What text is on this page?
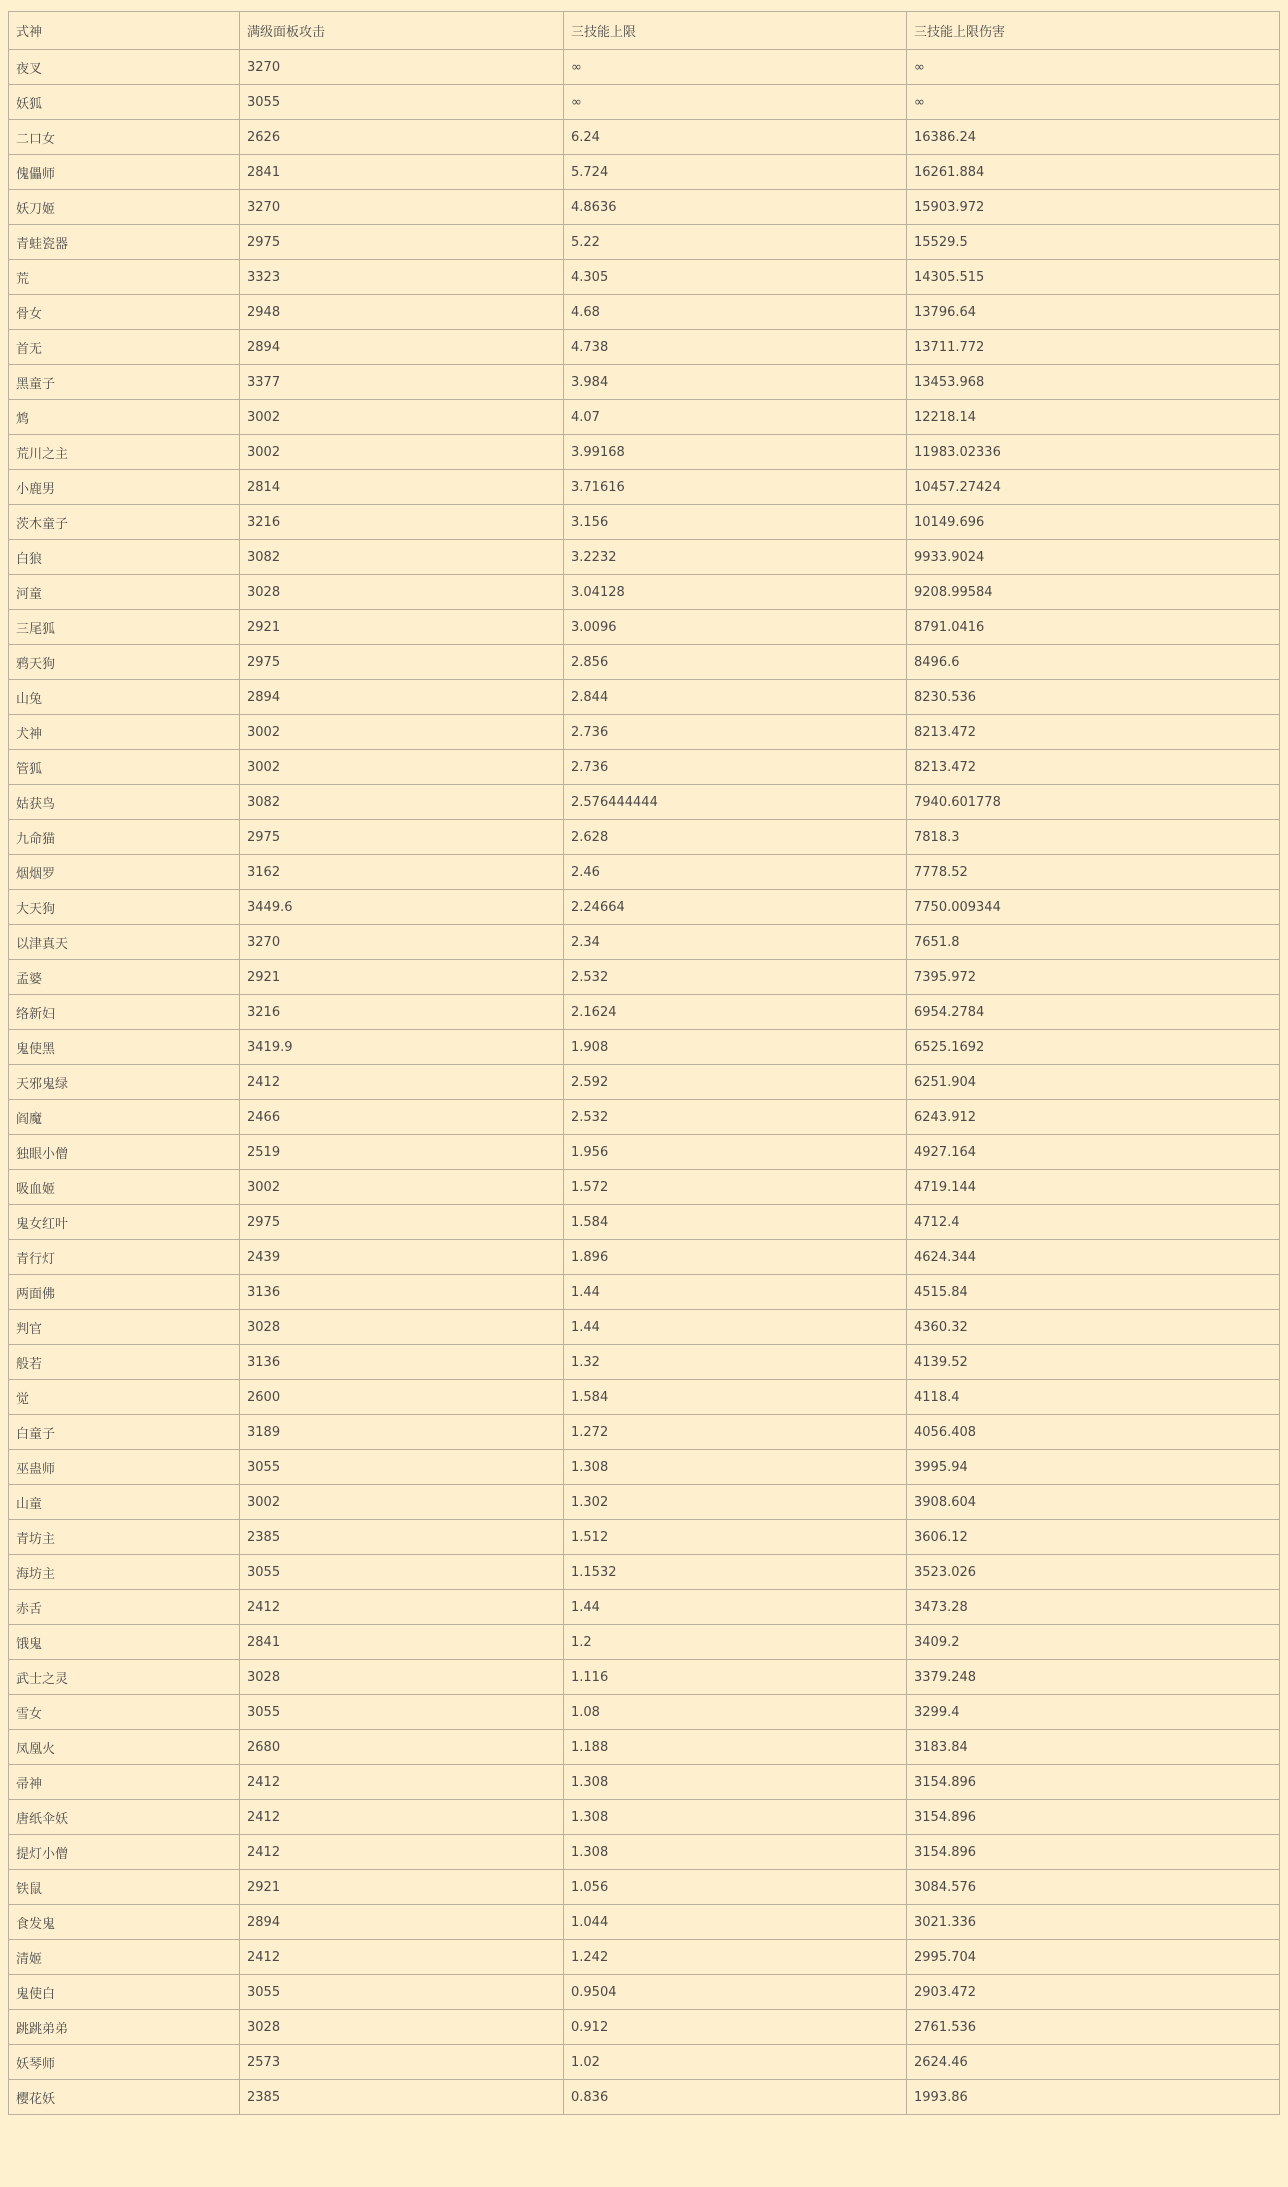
式神	满级面板攻击	三技能上限	三技能上限伤害
夜叉	3270	∞	∞
妖狐	3055	∞	∞
二口女	2626	6.24	16386.24
傀儡师	2841	5.724	16261.884
妖刀姬	3270	4.8636	15903.972
青蛙瓷器	2975	5.22	15529.5
荒	3323	4.305	14305.515
骨女	2948	4.68	13796.64
首无	2894	4.738	13711.772
黑童子	3377	3.984	13453.968
鸩	3002	4.07	12218.14
荒川之主	3002	3.99168	11983.02336
小鹿男	2814	3.71616	10457.27424
茨木童子	3216	3.156	10149.696
白狼	3082	3.2232	9933.9024
河童	3028	3.04128	9208.99584
三尾狐	2921	3.0096	8791.0416
鸦天狗	2975	2.856	8496.6
山兔	2894	2.844	8230.536
犬神	3002	2.736	8213.472
管狐	3002	2.736	8213.472
姑获鸟	3082	2.576444444	7940.601778
九命猫	2975	2.628	7818.3
烟烟罗	3162	2.46	7778.52
大天狗	3449.6	2.24664	7750.009344
以津真天	3270	2.34	7651.8
孟婆	2921	2.532	7395.972
络新妇	3216	2.1624	6954.2784
鬼使黑	3419.9	1.908	6525.1692
天邪鬼绿	2412	2.592	6251.904
阎魔	2466	2.532	6243.912
独眼小僧	2519	1.956	4927.164
吸血姬	3002	1.572	4719.144
鬼女红叶	2975	1.584	4712.4
青行灯	2439	1.896	4624.344
两面佛	3136	1.44	4515.84
判官	3028	1.44	4360.32
般若	3136	1.32	4139.52
觉	2600	1.584	4118.4
白童子	3189	1.272	4056.408
巫蛊师	3055	1.308	3995.94
山童	3002	1.302	3908.604
青坊主	2385	1.512	3606.12
海坊主	3055	1.1532	3523.026
赤舌	2412	1.44	3473.28
饿鬼	2841	1.2	3409.2
武士之灵	3028	1.116	3379.248
雪女	3055	1.08	3299.4
凤凰火	2680	1.188	3183.84
帚神	2412	1.308	3154.896
唐纸伞妖	2412	1.308	3154.896
提灯小僧	2412	1.308	3154.896
铁鼠	2921	1.056	3084.576
食发鬼	2894	1.044	3021.336
清姬	2412	1.242	2995.704
鬼使白	3055	0.9504	2903.472
跳跳弟弟	3028	0.912	2761.536
妖琴师	2573	1.02	2624.46
樱花妖	2385	0.836	1993.86
